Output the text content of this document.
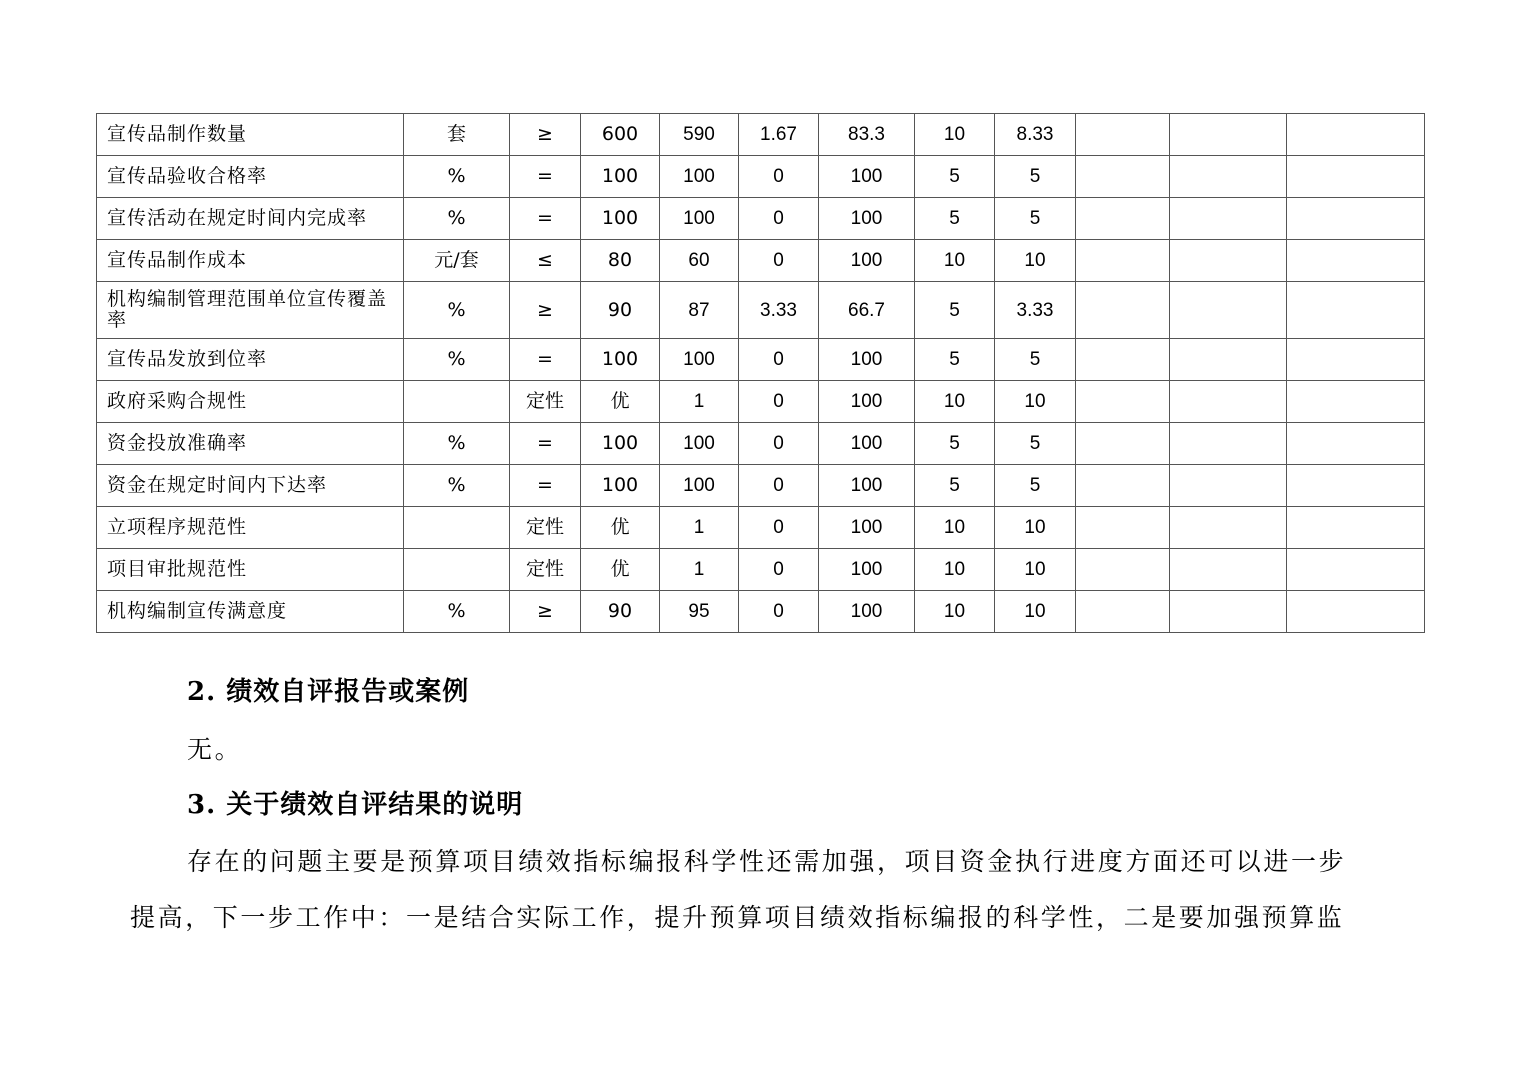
宣传品制作数量	套	≥	600	590	1.67	83.3	10	8.33			
宣传品验收合格率	%	=	100	100	0	100	5	5			
宣传活动在规定时间内完成率	%	=	100	100	0	100	5	5			
宣传品制作成本	元/套	≤	80	60	0	100	10	10			
机构编制管理范围单位宣传覆盖率	%	≥	90	87	3.33	66.7	5	3.33			
宣传品发放到位率	%	=	100	100	0	100	5	5			
政府采购合规性		定性	优	1	0	100	10	10			
资金投放准确率	%	=	100	100	0	100	5	5			
资金在规定时间内下达率	%	=	100	100	0	100	5	5			
立项程序规范性		定性	优	1	0	100	10	10			
项目审批规范性		定性	优	1	0	100	10	10			
机构编制宣传满意度	%	≥	90	95	0	100	10	10			
2. 绩效自评报告或案例
无。
3. 关于绩效自评结果的说明
存在的问题主要是预算项目绩效指标编报科学性还需加强，项目资金执行进度方面还可以进一步
提高，下一步工作中：一是结合实际工作，提升预算项目绩效指标编报的科学性，二是要加强预算监
